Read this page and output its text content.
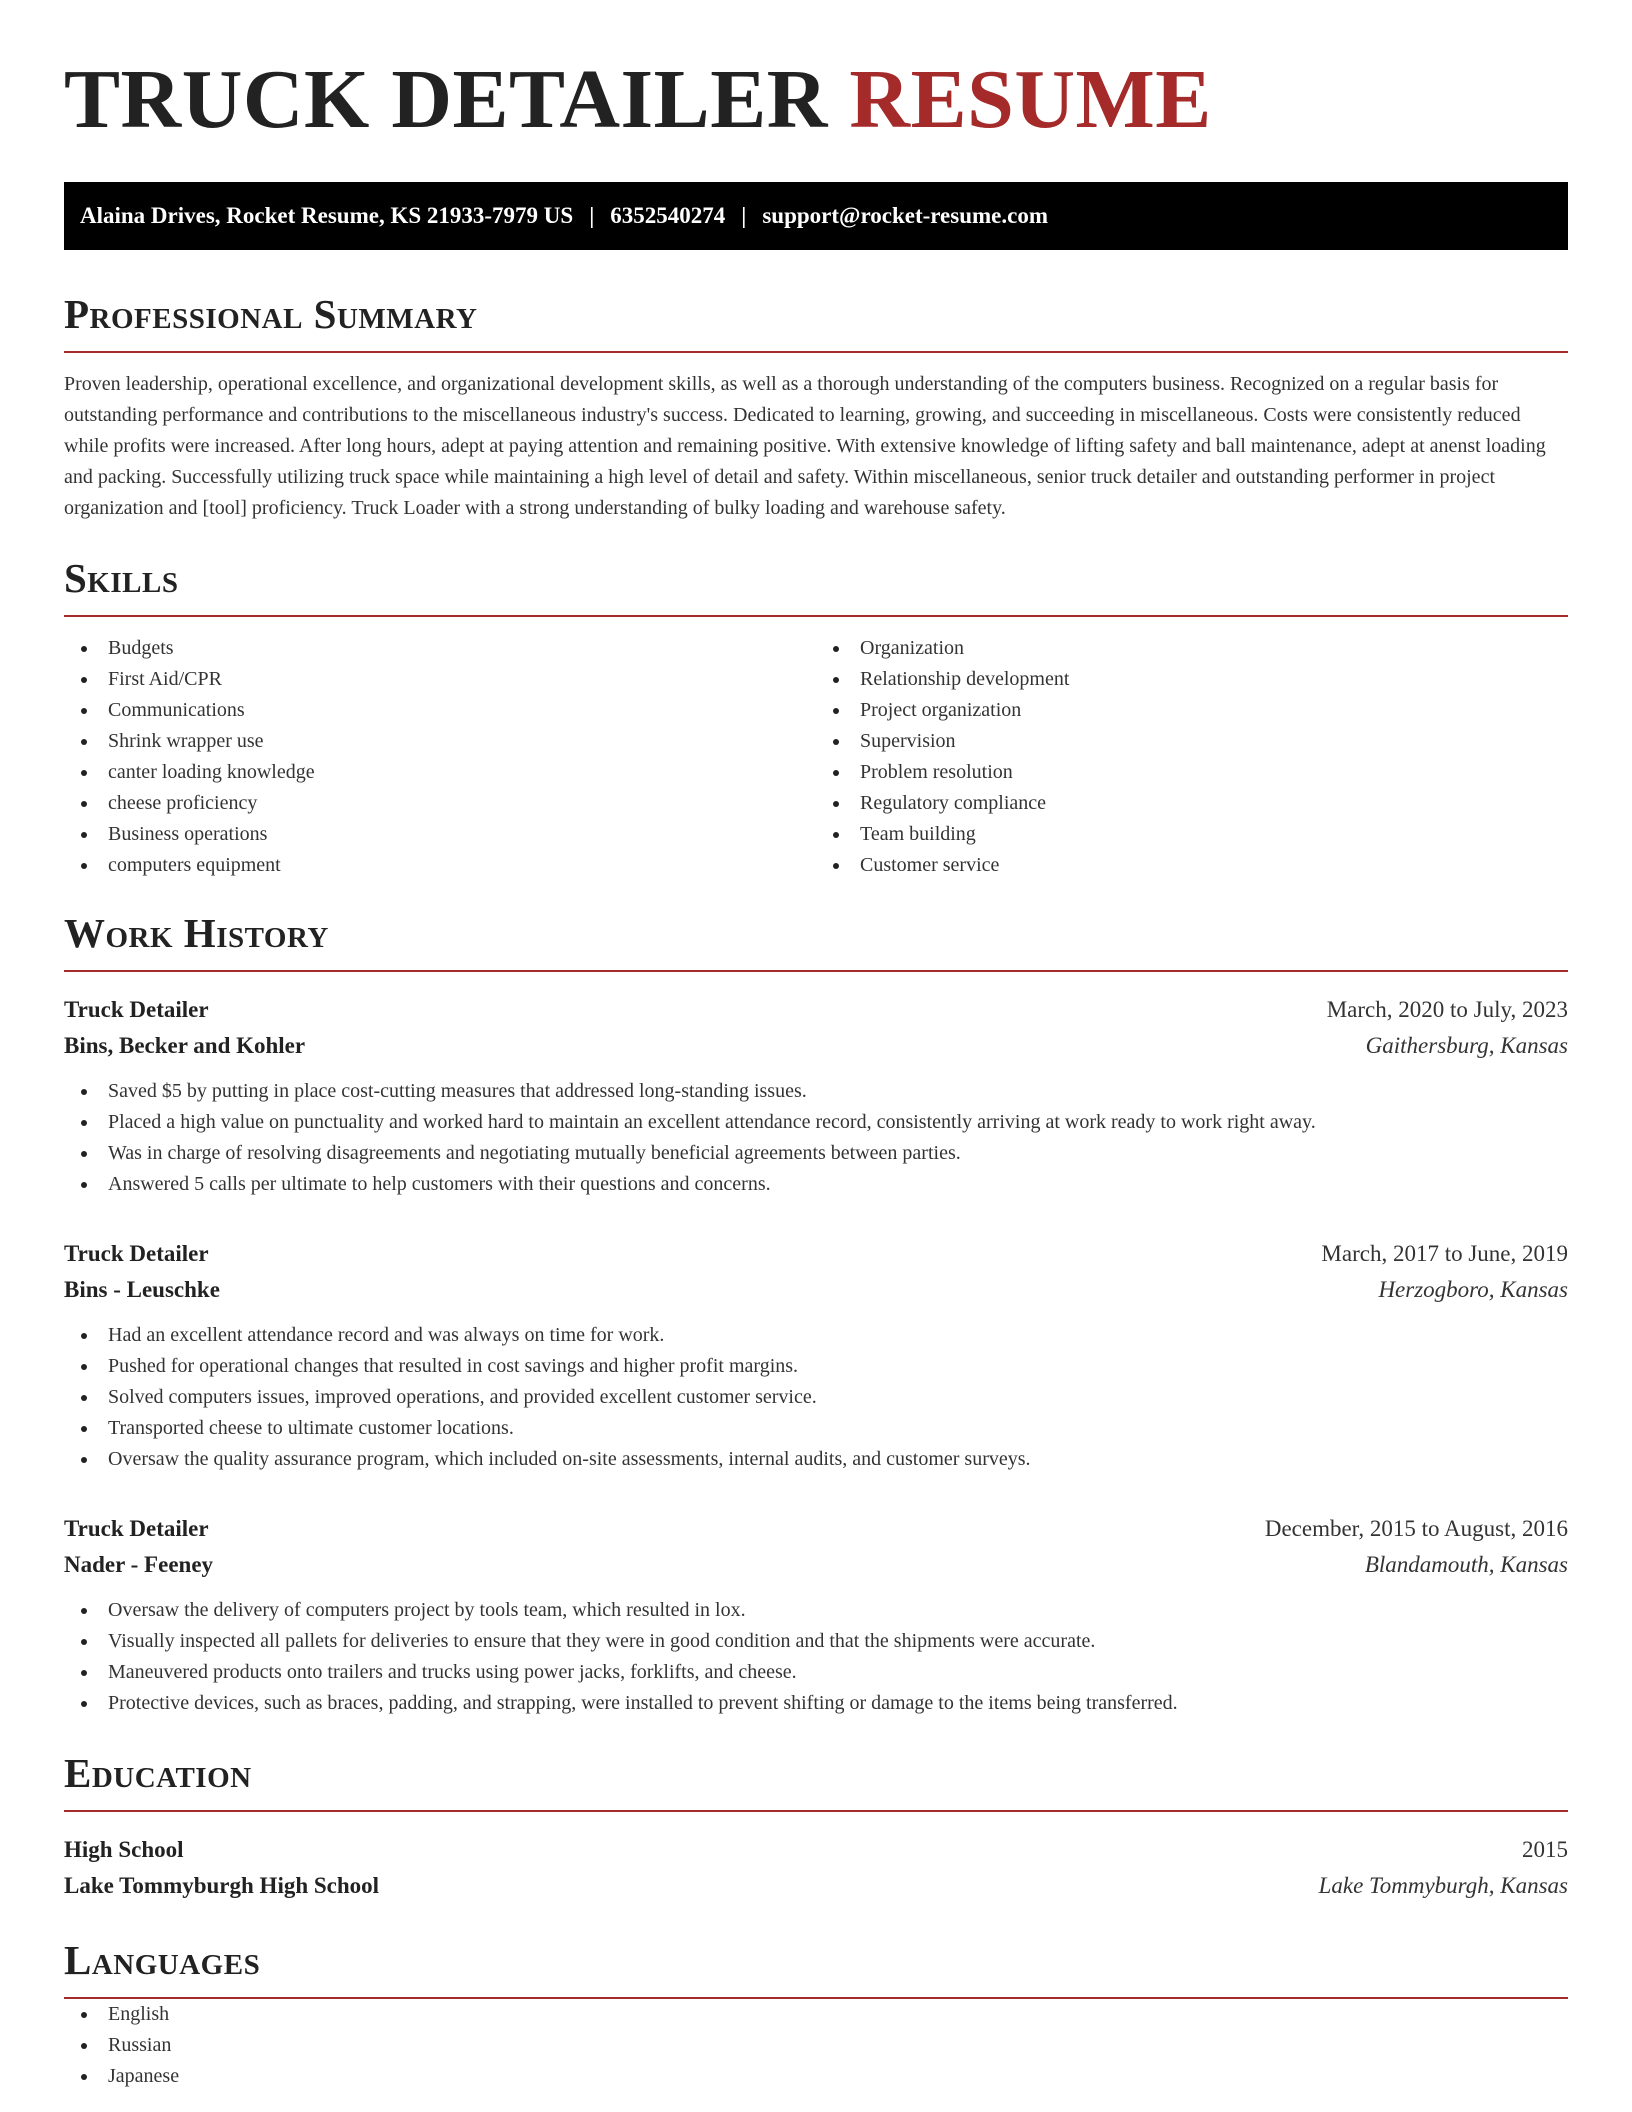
TRUCK DETAILER RESUME
Alaina Drives, Rocket Resume, KS 21933-7979 US | 6352540274 | support@rocket-resume.com
Professional Summary

Proven leadership, operational excellence, and organizational development skills, as well as a thorough understanding of the computers business. Recognized on a regular basis for outstanding performance and contributions to the miscellaneous industry's success. Dedicated to learning, growing, and succeeding in miscellaneous. Costs were consistently reduced while profits were increased. After long hours, adept at paying attention and remaining positive. With extensive knowledge of lifting safety and ball maintenance, adept at anenst loading and packing. Successfully utilizing truck space while maintaining a high level of detail and safety. Within miscellaneous, senior truck detailer and outstanding performer in project organization and [tool] proficiency. Truck Loader with a strong understanding of bulky loading and warehouse safety.

Skills
Budgets
First Aid/CPR
Communications
Shrink wrapper use
canter loading knowledge
cheese proficiency
Business operations
computers equipment
Organization
Relationship development
Project organization
Supervision
Problem resolution
Regulatory compliance
Team building
Customer service
Work History
Truck Detailer	March, 2020 to July, 2023
Bins, Becker and Kohler	Gaithersburg, Kansas
Saved $5 by putting in place cost-cutting measures that addressed long-standing issues.
Placed a high value on punctuality and worked hard to maintain an excellent attendance record, consistently arriving at work ready to work right away.
Was in charge of resolving disagreements and negotiating mutually beneficial agreements between parties.
Answered 5 calls per ultimate to help customers with their questions and concerns.
Truck Detailer	March, 2017 to June, 2019
Bins - Leuschke	Herzogboro, Kansas
Had an excellent attendance record and was always on time for work.
Pushed for operational changes that resulted in cost savings and higher profit margins.
Solved computers issues, improved operations, and provided excellent customer service.
Transported cheese to ultimate customer locations.
Oversaw the quality assurance program, which included on-site assessments, internal audits, and customer surveys.
Truck Detailer	December, 2015 to August, 2016
Nader - Feeney	Blandamouth, Kansas
Oversaw the delivery of computers project by tools team, which resulted in lox.
Visually inspected all pallets for deliveries to ensure that they were in good condition and that the shipments were accurate.
Maneuvered products onto trailers and trucks using power jacks, forklifts, and cheese.
Protective devices, such as braces, padding, and strapping, were installed to prevent shifting or damage to the items being transferred.
Education
High School	2015
Lake Tommyburgh High School	Lake Tommyburgh, Kansas
Languages
English
Russian
Japanese
